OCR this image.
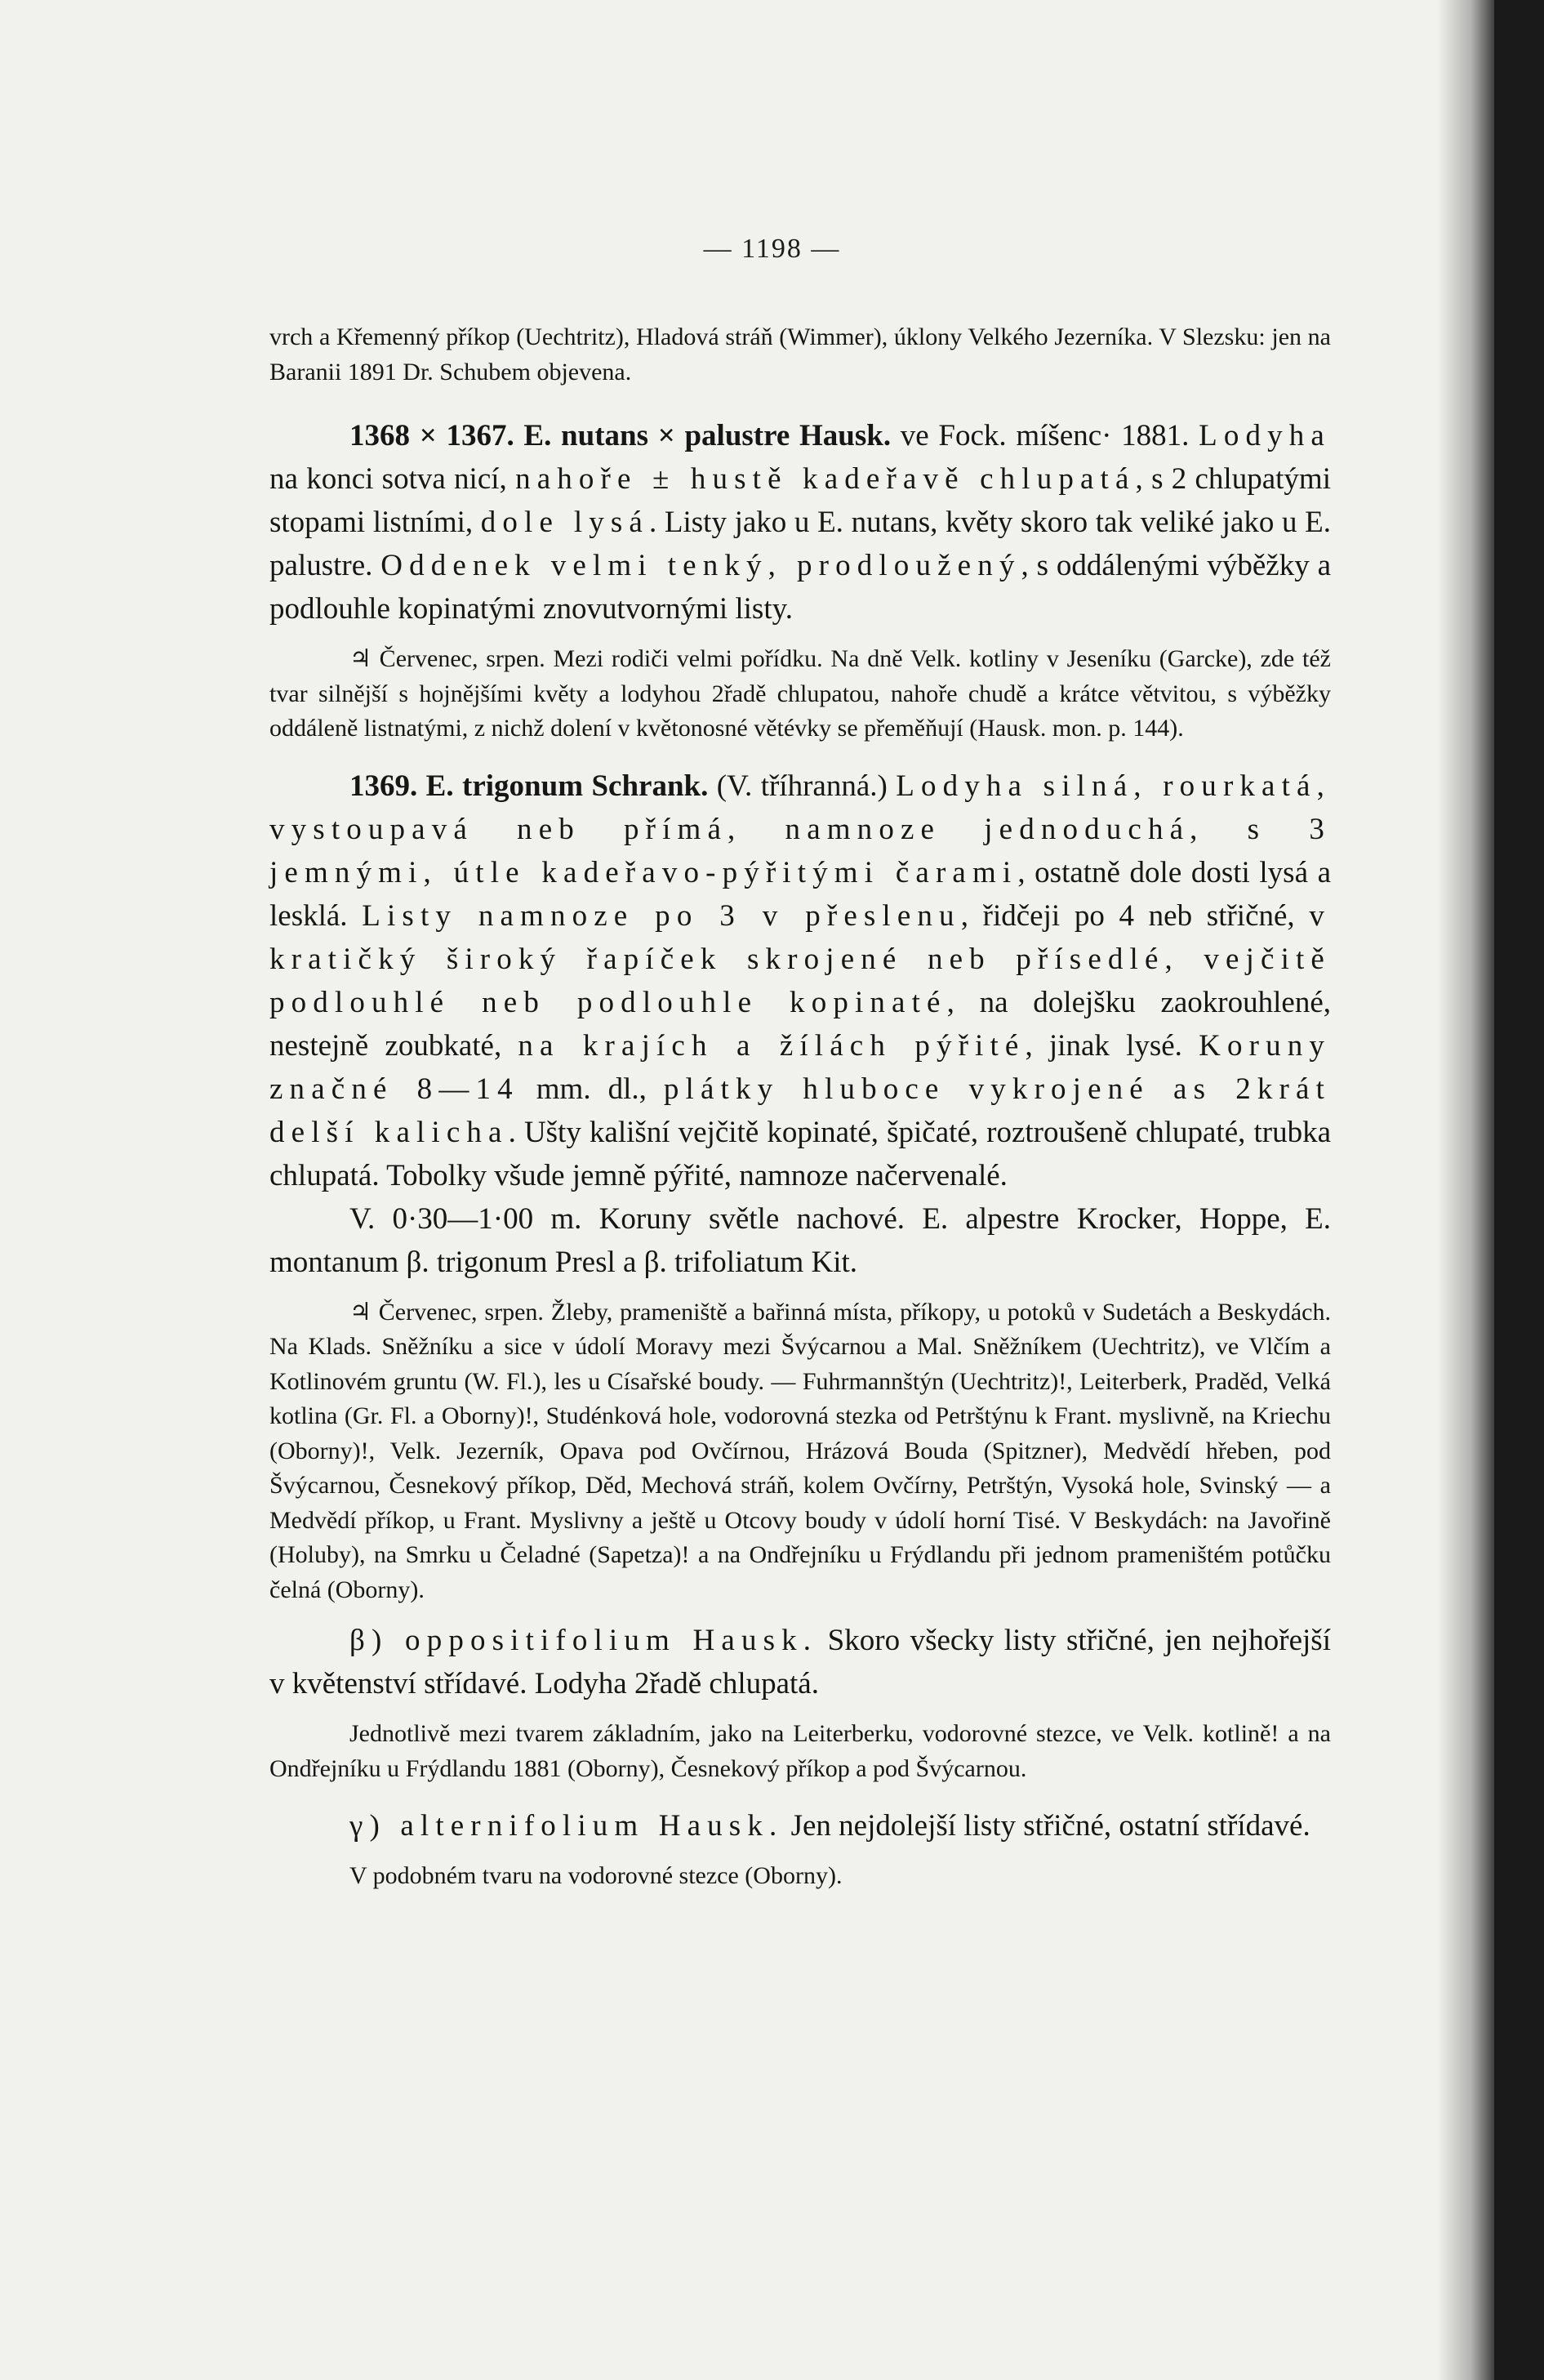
— 1198 —

vrch a Křemenný příkop (Uechtritz), Hladová stráň (Wimmer), úklony Velkého Jezerníka. V Slezsku: jen na Baranii 1891 Dr. Schubem objevena.

1368 × 1367. E. nutans × palustre Hausk. ve Fock. míšenc· 1881. Lodyha na konci sotva nicí, nahoře ± hustě kadeřavě chlupatá, s 2 chlupatými stopami listními, dole lysá. Listy jako u E. nutans, květy skoro tak veliké jako u E. palustre. Oddenek velmi tenký, prodloužený, s oddálenými výběžky a podlouhle kopinatými znovutvornými listy.

♃ Červenec, srpen. Mezi rodiči velmi pořídku. Na dně Velk. kotliny v Jeseníku (Garcke), zde též tvar silnější s hojnějšími květy a lodyhou 2řadě chlupatou, nahoře chudě a krátce větvitou, s výběžky oddáleně listnatými, z nichž dolení v květonosné větévky se přeměňují (Hausk. mon. p. 144).

1369. E. trigonum Schrank. (V. tříhranná.) Lodyha silná, rourkatá, vystoupavá neb přímá, namnoze jednoduchá, s 3 jemnými, útle kadeřavo-pýřitými čarami, ostatně dole dosti lysá a lesklá. Listy namnoze po 3 v přeslenu, řidčeji po 4 neb střičné, v kratičký široký řapíček skrojené neb přísedlé, vejčitě podlouhlé neb podlouhle kopinaté, na dolejšku zaokrouhlené, nestejně zoubkaté, na krajích a žílách pýřité, jinak lysé. Koruny značné 8—14 mm. dl., plátky hluboce vykrojené as 2krát delší kalicha. Ušty kališní vejčitě kopinaté, špičaté, roztroušeně chlupaté, trubka chlupatá. Tobolky všude jemně pýřité, namnoze načervenalé.

V. 0·30—1·00 m. Koruny světle nachové. E. alpestre Krocker, Hoppe, E. montanum β. trigonum Presl a β. trifoliatum Kit.

♃ Červenec, srpen. Žleby, prameniště a bařinná místa, příkopy, u potoků v Sudetách a Beskydách. Na Klads. Sněžníku a sice v údolí Moravy mezi Švýcarnou a Mal. Sněžníkem (Uechtritz), ve Vlčím a Kotlinovém gruntu (W. Fl.), les u Císařské boudy. — Fuhrmannštýn (Uechtritz)!, Leiterberk, Praděd, Velká kotlina (Gr. Fl. a Oborny)!, Studénková hole, vodorovná stezka od Petrštýnu k Frant. myslivně, na Kriechu (Oborny)!, Velk. Jezerník, Opava pod Ovčírnou, Hrázová Bouda (Spitzner), Medvědí hřeben, pod Švýcarnou, Česnekový příkop, Děd, Mechová stráň, kolem Ovčírny, Petrštýn, Vysoká hole, Svinský — a Medvědí příkop, u Frant. Myslivny a ještě u Otcovy boudy v údolí horní Tisé. V Beskydách: na Javořině (Holuby), na Smrku u Čeladné (Sapetza)! a na Ondřejníku u Frýdlandu při jednom prameništém potůčku čelná (Oborny).

β) oppositifolium Hausk. Skoro všecky listy střičné, jen nejhořejší v květenství střídavé. Lodyha 2řadě chlupatá.

Jednotlivě mezi tvarem základním, jako na Leiterberku, vodorovné stezce, ve Velk. kotlině! a na Ondřejníku u Frýdlandu 1881 (Oborny), Česnekový příkop a pod Švýcarnou.

γ) alternifolium Hausk. Jen nejdolejší listy střičné, ostatní střídavé.

V podobném tvaru na vodorovné stezce (Oborny).
